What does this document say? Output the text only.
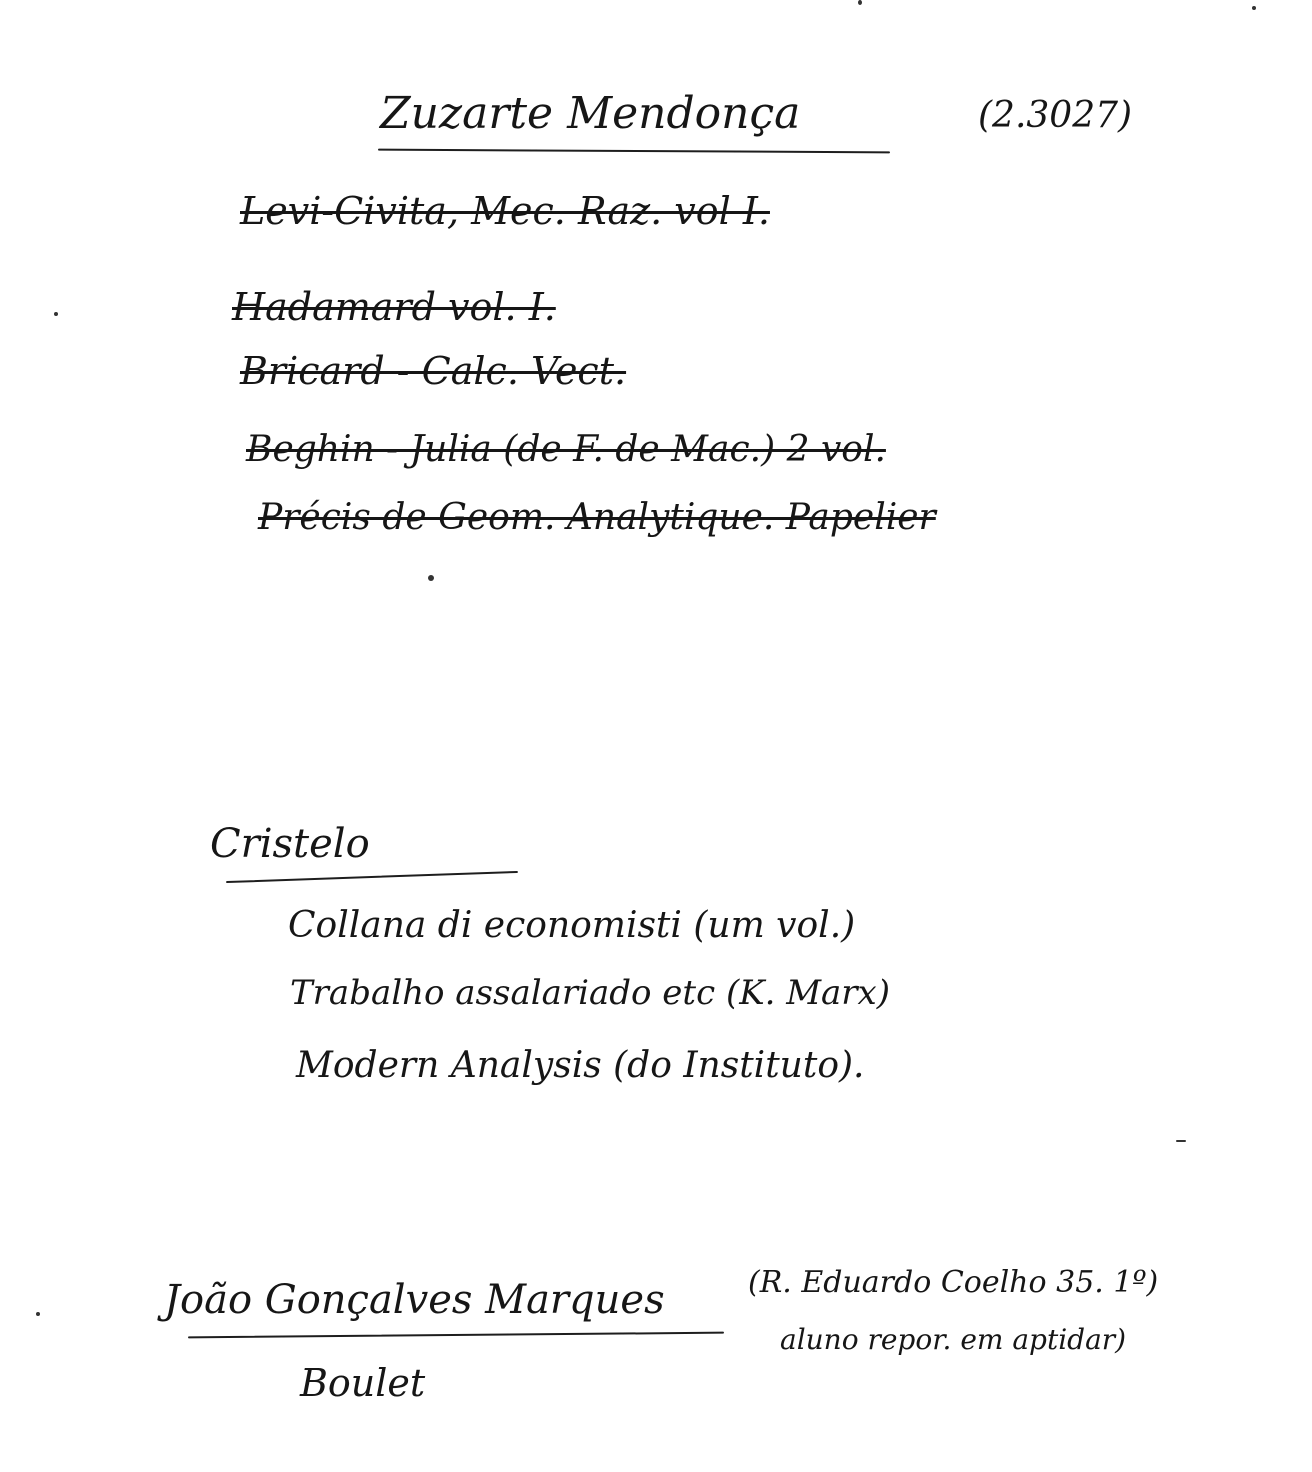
Zuzarte Mendonça	(2.3027)
Levi-Civita, Mec. Raz. vol I.
Hadamard vol. I.
Bricard - Calc. Vect.
Beghin - Julia (de F. de Mac.) 2 vol.
Précis de Geom. Analytique. Papelier
Cristelo
Collana di economisti (um vol.)
Trabalho assalariado etc (K. Marx)
Modern Analysis (do Instituto).
João Gonçalves Marques	(R. Eduardo Coelho 35. 1º)
aluno repor. em aptidar)
Boulet
